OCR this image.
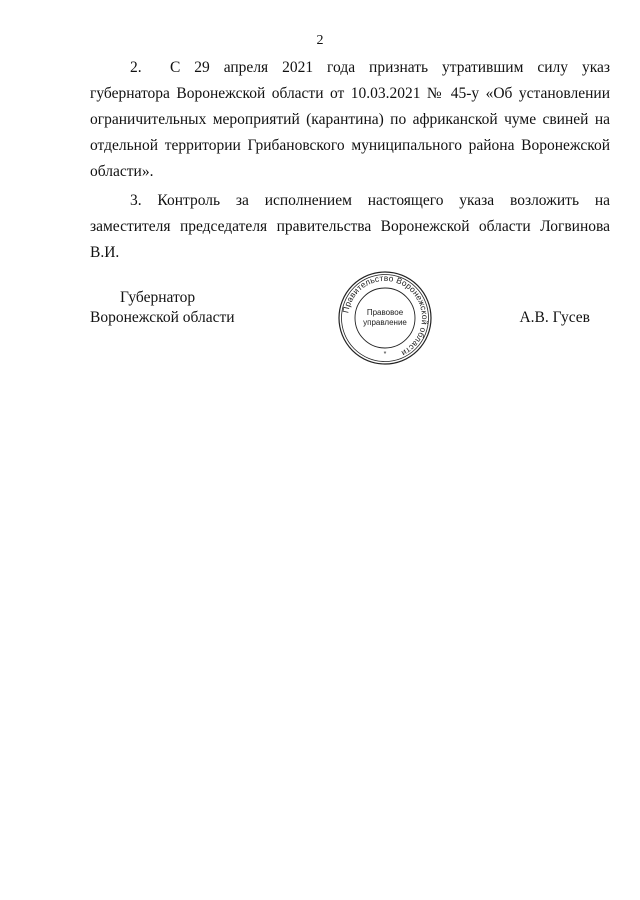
2

2. С 29 апреля 2021 года признать утратившим силу указ губернатора Воронежской области от 10.03.2021 № 45-у «Об установлении ограничительных мероприятий (карантина) по африканской чуме свиней на отдельной территории Грибановского муниципального района Воронежской области».

3. Контроль за исполнением настоящего указа возложить на заместителя председателя правительства Воронежской области Логвинова В.И.

Губернатор
Воронежской области	А.В. Гусев
Правительство Воронежской области
Правовое
управление
*
